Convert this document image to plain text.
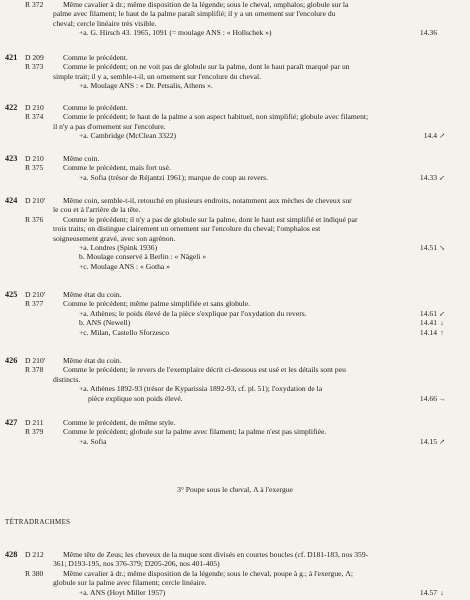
R 372	Même cavalier à dr.; même disposition de la légende; sous le cheval, omphalos; globule sur la
palme avec filament; le haut de la palme paraît simplifié; il y a un ornement sur l'encolure du
cheval; cercle linéaire très visible.
+a. G. Hirsch 43. 1965, 1091 (= moulage ANS : « Hollschek »)	14.36
421 D 209	Comme le précédent.
R 373	Comme le précédent; on ne voit pas de globule sur la palme, dont le haut paraît marqué par un
simple trait; il y a, semble-t-il, un ornement sur l'encolure du cheval.
+a. Moulage ANS : « Dr. Petsalis, Athens ».
422 D 210	Comme le précédent.
R 374	Comme le précédent; le haut de la palme a son aspect habituel, non simplifié; globule avec filament;
il n'y a pas d'ornement sur l'encolure.
+a. Cambridge (McClean 3322)	14.4 ↗
423 D 210	Même coin.
R 375	Comme le précédent, mais fort usé.
+a. Sofia (trésor de Réjantzi 1961); marque de coup au revers.	14.33 ↙
424 D 210' Même coin, semble-t-il, retouché en plusieurs endroits, notamment aux mèches de cheveux sur
le cou et à l'arrière de la tête.
R 376	Comme le précédent; il n'y a pas de globule sur la palme, dont le haut est simplifié et indiqué par
trois traits; on distingue clairement un ornement sur l'encolure du cheval; l'omphalos est
soigneusement gravé, avec son agrénon.
+a. Londres (Spink 1936)	14.51 ↘
b. Moulage conservé à Berlin : « Nägeli »
+c. Moulage ANS : « Gotha »
425 D 210' Même état du coin.
R 377	Comme le précédent; même palme simplifiée et sans globule.
+a. Athènes; le poids élevé de la pièce s'explique par l'oxydation du revers.	14.61 ↙
b. ANS (Newell)	14.41 ↓
+c. Milan, Castello Sforzesco	14.14 ↑
426 D 210' Même état du coin.
R 378	Comme le précédent; le revers de l'exemplaire décrit ci-dessous est usé et les détails sont peu
distincts.
+a. Athènes 1892-93 (trésor de Kyparissia 1892-93, cf. pl. 51); l'oxydation de la
pièce explique son poids élevé.	14.66 →
427 D 211	Comme le précédent, de même style.
R 379	Comme le précédent; globule sur la palme avec filament; la palme n'est pas simplifiée.
+a. Sofia	14.15 ↗
428 D 212	Même tête de Zeus; les cheveux de la nuque sont divisés en courtes boucles (cf. D181-183, nos 359-
361; D193-195, nos 376-379; D205-206, nos 401-405)
R 380	Même cavalier à dr.; même disposition de la légende; sous le cheval, poupe à g.; à l'exergue, Λ;
globule sur la palme avec filament; cercle linéaire.
+a. ANS (Hoyt Miller 1957)	14.57 ↓
3° Poupe sous le cheval, Λ à l'exergue
TÉTRADRACHMES
